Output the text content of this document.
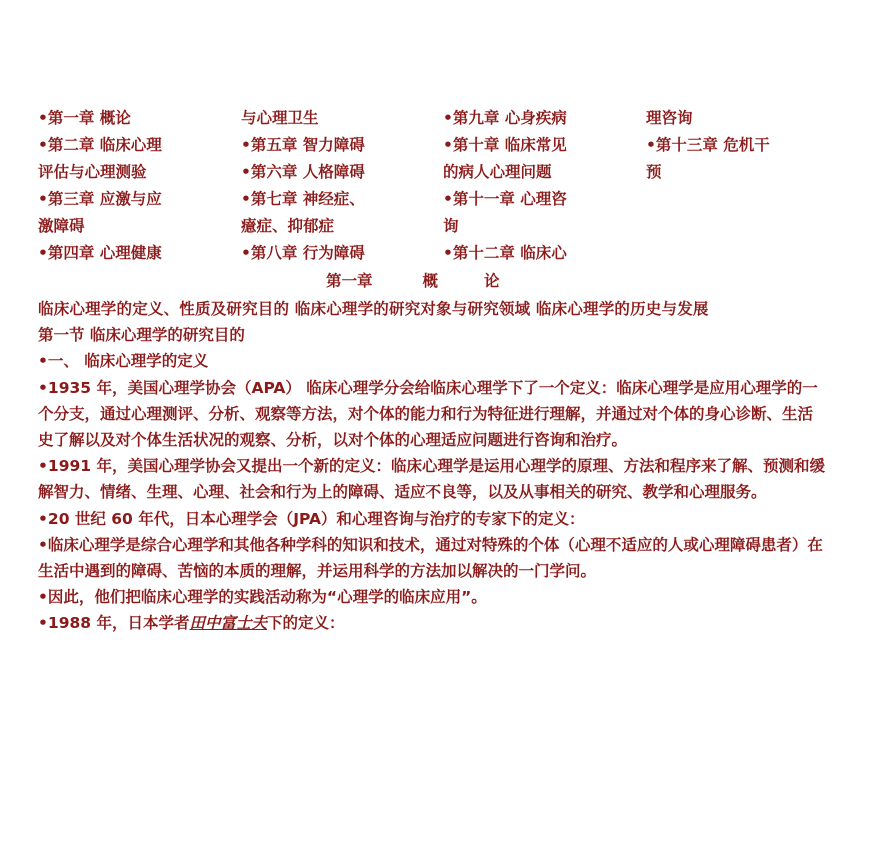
•第一章 概论
•第二章 临床心理
评估与心理测验
•第三章 应激与应
激障碍
•第四章 心理健康
与心理卫生
•第五章 智力障碍
•第六章 人格障碍
•第七章 神经症、
癔症、抑郁症
•第八章 行为障碍
•第九章 心身疾病
•第十章 临床常见
的病人心理问题
•第十一章 心理咨
询
•第十二章 临床心
理咨询
•第十三章 危机干
预
第一章	概	论

临床心理学的定义、性质及研究目的 临床心理学的研究对象与研究领域 临床心理学的历史与发展

第一节 临床心理学的研究目的

•一、 临床心理学的定义

•1935 年，美国心理学协会（APA） 临床心理学分会给临床心理学下了一个定义：临床心理学是应用心理学的一个分支，通过心理测评、分析、观察等方法，对个体的能力和行为特征进行理解，并通过对个体的身心诊断、生活史了解以及对个体生活状况的观察、分析，以对个体的心理适应问题进行咨询和治疗。

•1991 年，美国心理学协会又提出一个新的定义：临床心理学是运用心理学的原理、方法和程序来了解、预测和缓解智力、情绪、生理、心理、社会和行为上的障碍、适应不良等，以及从事相关的研究、教学和心理服务。

•20 世纪 60 年代，日本心理学会（JPA）和心理咨询与治疗的专家下的定义：

•临床心理学是综合心理学和其他各种学科的知识和技术，通过对特殊的个体（心理不适应的人或心理障碍患者）在生活中遇到的障碍、苦恼的本质的理解，并运用科学的方法加以解决的一门学问。

•因此，他们把临床心理学的实践活动称为“心理学的临床应用”。

•1988 年，日本学者田中富士夫下的定义：
